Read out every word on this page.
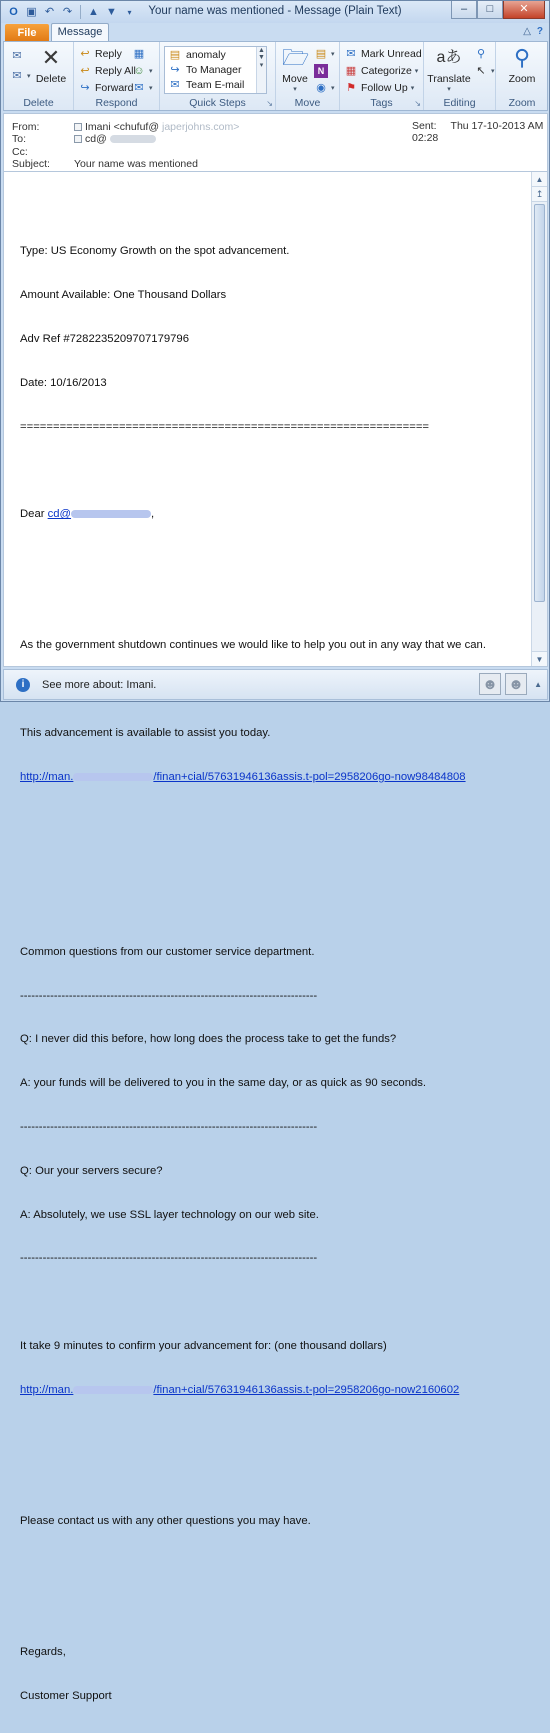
O ▣ ↶ ↷ ▲ ▼	▾	Your name was mentioned - Message (Plain Text)	–	□	✕
File	Message	△ ?
✉
✉ ▾
✕
Delete
Delete
↩ Reply
↩ Reply All
↪ Forward
▦
☺ ▾
✉ ▾
Respond
▤ anomaly
↪ To Manager
✉ Team E-mail
▲
▼
▾
Quick Steps	↘
🗁
Move
▾
▤ ▾
N
◉ ▾
Move
✉ Mark Unread
▦ Categorize ▾
⚑ Follow Up ▾
Tags	↘
aあ
Translate
▾
⚲
↖ ▾
Editing
⚲
Zoom
Zoom
From:	Imani <chufuf@ japerjohns.com>
To:	cd@
Cc:
Subject:	Your name was mentioned
Sent: Thu 17-10-2013 AM 02:28

Type: US Economy Growth on the spot advancement.

Amount Available: One Thousand Dollars

Adv Ref #7282235209707179796

Date: 10/16/2013

==============================================================

Dear cd@	,

As the government shutdown continues we would like to help you out in any way that we can.

This advancement is available to assist you today.

http://man.	/finan+cial/57631946136assis.t-pol=2958206go-now98484808

Common questions from our customer service department.

-------------------------------------------------------------------------------

Q: I never did this before, how long does the process take to get the funds?

A: your funds will be delivered to you in the same day, or as quick as 90 seconds.

-------------------------------------------------------------------------------

Q: Our your servers secure?

A: Absolutely, we use SSL layer technology on our web site.

-------------------------------------------------------------------------------

It take 9 minutes to confirm your advancement for: (one thousand dollars)

http://man.	/finan+cial/57631946136assis.t-pol=2958206go-now2160602

Please contact us with any other questions you may have.

Regards,

Customer Support

▲
↥
▼
i	See more about: Imani.	☻ ☻	▲
